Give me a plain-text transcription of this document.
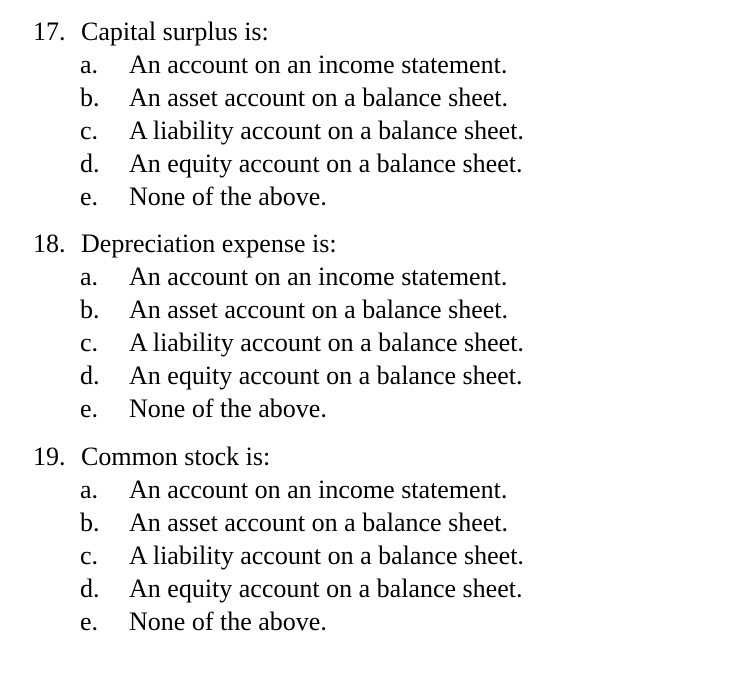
17. Capital surplus is:
a. An account on an income statement.
b. An asset account on a balance sheet.
c. A liability account on a balance sheet.
d. An equity account on a balance sheet.
e. None of the above.
18. Depreciation expense is:
a. An account on an income statement.
b. An asset account on a balance sheet.
c. A liability account on a balance sheet.
d. An equity account on a balance sheet.
e. None of the above.
19. Common stock is:
a. An account on an income statement.
b. An asset account on a balance sheet.
c. A liability account on a balance sheet.
d. An equity account on a balance sheet.
e. None of the above.
